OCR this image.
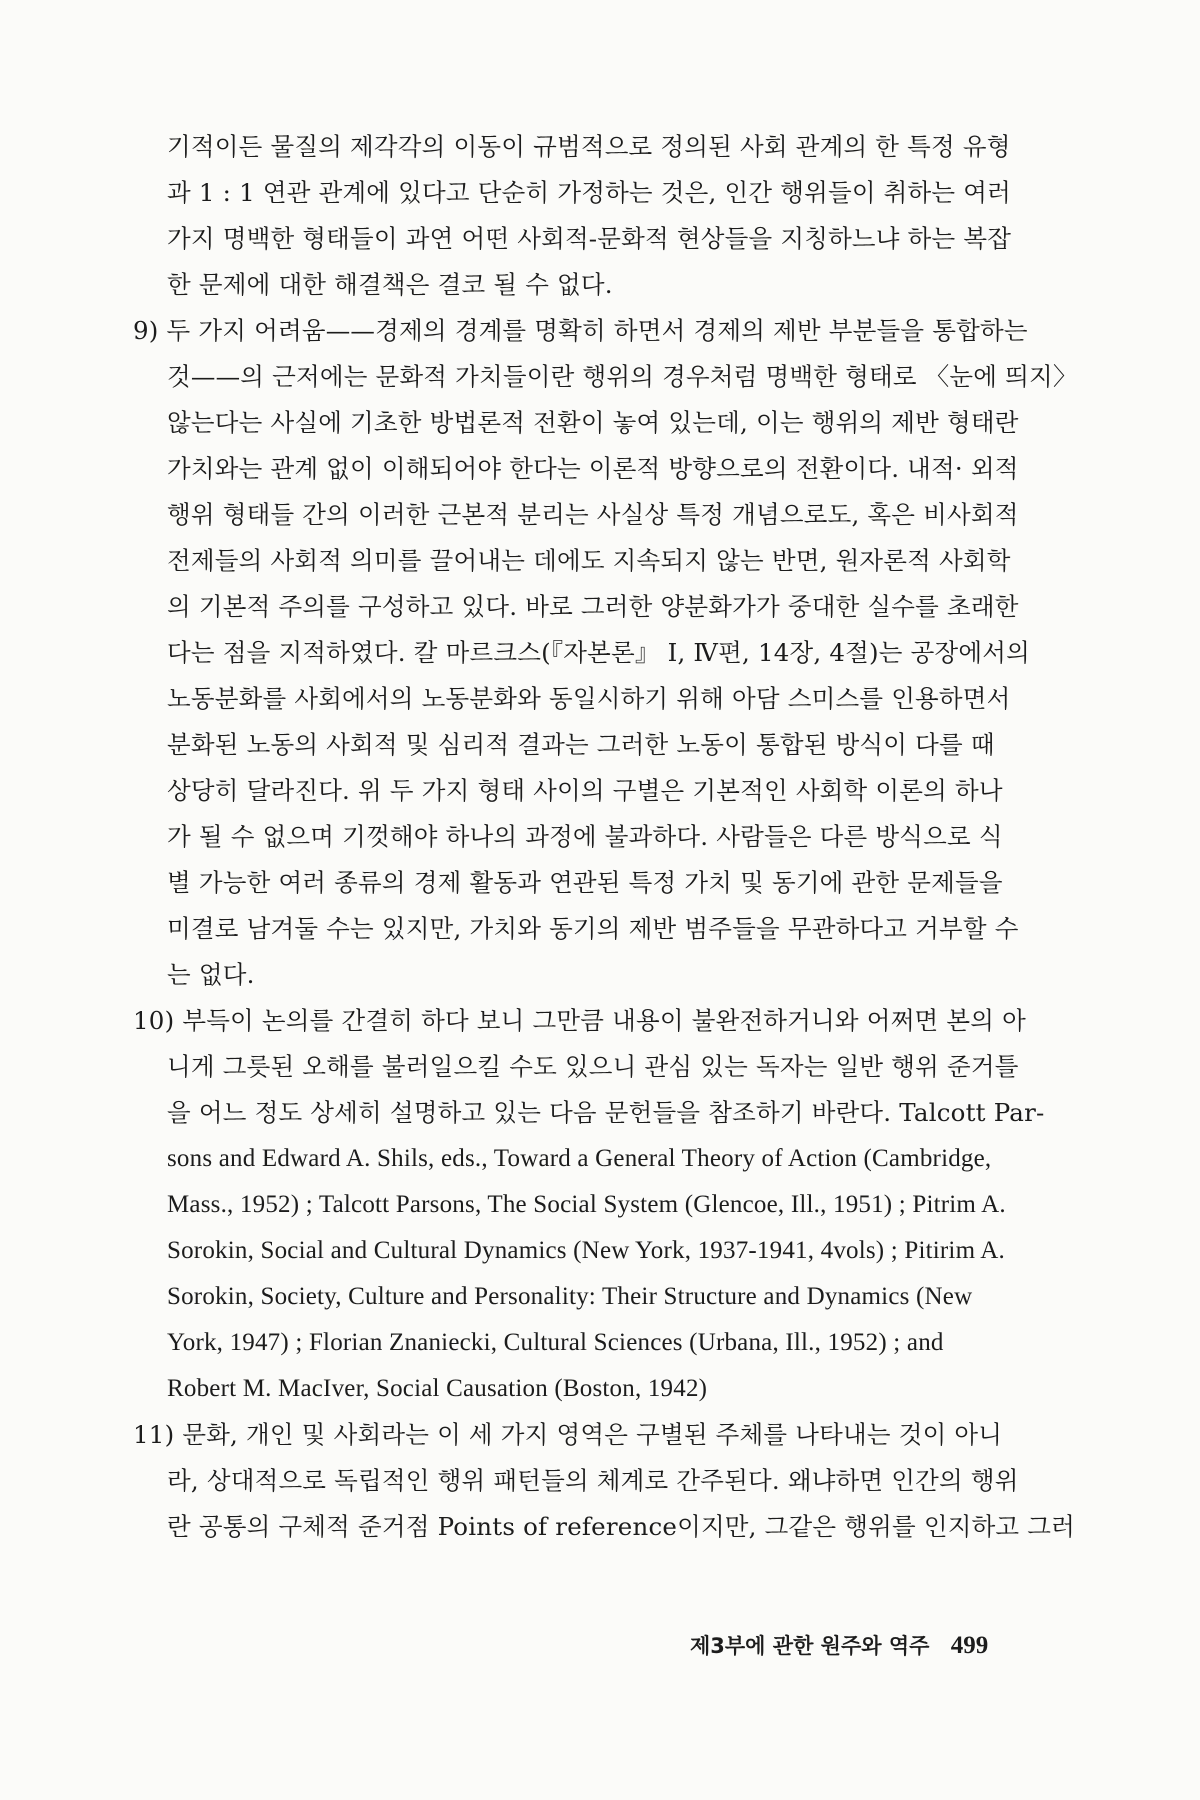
기적이든 물질의 제각각의 이동이 규범적으로 정의된 사회 관계의 한 특정 유형
과 1 : 1 연관 관계에 있다고 단순히 가정하는 것은, 인간 행위들이 취하는 여러
가지 명백한 형태들이 과연 어떤 사회적-문화적 현상들을 지칭하느냐 하는 복잡
한 문제에 대한 해결책은 결코 될 수 없다.
9) 두 가지 어려움——경제의 경계를 명확히 하면서 경제의 제반 부분들을 통합하는
것——의 근저에는 문화적 가치들이란 행위의 경우처럼 명백한 형태로 〈눈에 띄지〉
않는다는 사실에 기초한 방법론적 전환이 놓여 있는데, 이는 행위의 제반 형태란
가치와는 관계 없이 이해되어야 한다는 이론적 방향으로의 전환이다. 내적· 외적
행위 형태들 간의 이러한 근본적 분리는 사실상 특정 개념으로도, 혹은 비사회적
전제들의 사회적 의미를 끌어내는 데에도 지속되지 않는 반면, 원자론적 사회학
의 기본적 주의를 구성하고 있다. 바로 그러한 양분화가가 중대한 실수를 초래한
다는 점을 지적하였다. 칼 마르크스(『자본론』 I, Ⅳ편, 14장, 4절)는 공장에서의
노동분화를 사회에서의 노동분화와 동일시하기 위해 아담 스미스를 인용하면서
분화된 노동의 사회적 및 심리적 결과는 그러한 노동이 통합된 방식이 다를 때
상당히 달라진다. 위 두 가지 형태 사이의 구별은 기본적인 사회학 이론의 하나
가 될 수 없으며 기껏해야 하나의 과정에 불과하다. 사람들은 다른 방식으로 식
별 가능한 여러 종류의 경제 활동과 연관된 특정 가치 및 동기에 관한 문제들을
미결로 남겨둘 수는 있지만, 가치와 동기의 제반 범주들을 무관하다고 거부할 수
는 없다.
10) 부득이 논의를 간결히 하다 보니 그만큼 내용이 불완전하거니와 어쩌면 본의 아
니게 그릇된 오해를 불러일으킬 수도 있으니 관심 있는 독자는 일반 행위 준거틀
을 어느 정도 상세히 설명하고 있는 다음 문헌들을 참조하기 바란다. Talcott Par-
sons and Edward A. Shils, eds., Toward a General Theory of Action (Cambridge,
Mass., 1952) ; Talcott Parsons, The Social System (Glencoe, Ill., 1951) ; Pitrim A.
Sorokin, Social and Cultural Dynamics (New York, 1937-1941, 4vols) ; Pitirim A.
Sorokin, Society, Culture and Personality: Their Structure and Dynamics (New
York, 1947) ; Florian Znaniecki, Cultural Sciences (Urbana, Ill., 1952) ; and
Robert M. MacIver, Social Causation (Boston, 1942)
11) 문화, 개인 및 사회라는 이 세 가지 영역은 구별된 주체를 나타내는 것이 아니
라, 상대적으로 독립적인 행위 패턴들의 체계로 간주된다. 왜냐하면 인간의 행위
란 공통의 구체적 준거점 Points of reference이지만, 그같은 행위를 인지하고 그러
제3부에 관한 원주와 역주 499
